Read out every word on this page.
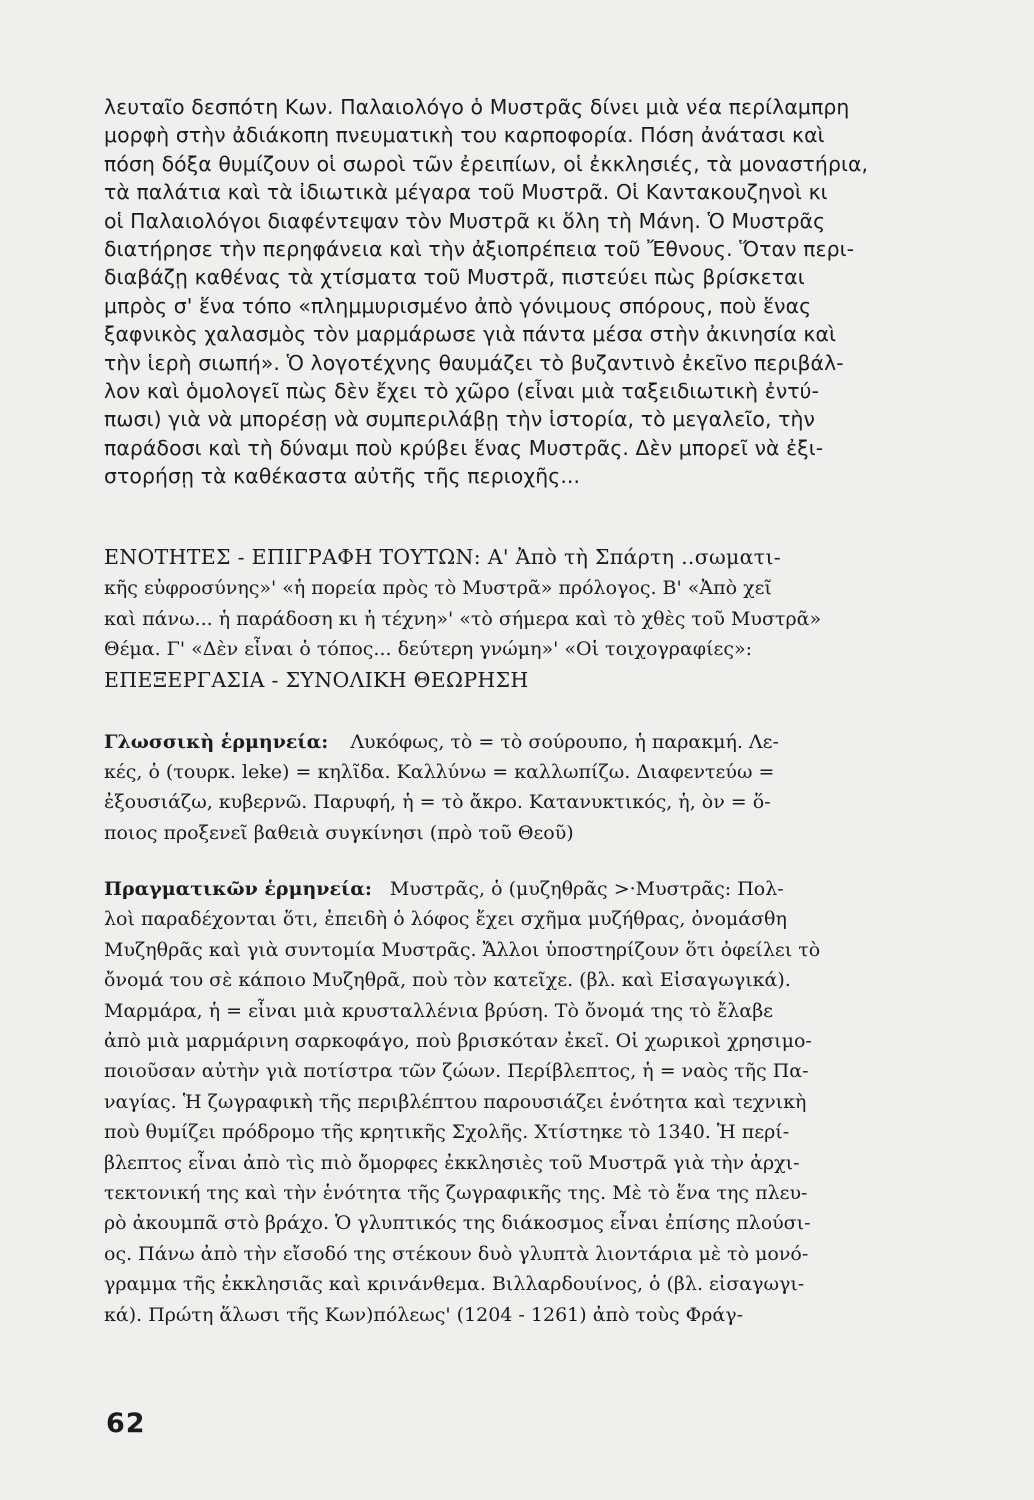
λευταῖο δεσπότη Κων. Παλαιολόγο ὁ Μυστρᾶς δίνει μιὰ νέα περίλαμπρη
μορφὴ στὴν ἀδιάκοπη πνευματικὴ του καρποφορία. Πόση ἀνάτασι καὶ
πόση δόξα θυμίζουν οἱ σωροὶ τῶν ἐρειπίων, οἱ ἐκκλησιές, τὰ μοναστήρια,
τὰ παλάτια καὶ τὰ ἰδιωτικὰ μέγαρα τοῦ Μυστρᾶ. Οἱ Καντακουζηνοὶ κι
οἱ Παλαιολόγοι διαφέντεψαν τὸν Μυστρᾶ κι ὅλη τὴ Μάνη. Ὁ Μυστρᾶς
διατήρησε τὴν περηφάνεια καὶ τὴν ἀξιοπρέπεια τοῦ Ἔθνους. Ὅταν περι-
διαβάζῃ καθένας τὰ χτίσματα τοῦ Μυστρᾶ, πιστεύει πὼς βρίσκεται
μπρὸς σ' ἕνα τόπο «πλημμυρισμένο ἀπὸ γόνιμους σπόρους, ποὺ ἕνας
ξαφνικὸς χαλασμὸς τὸν μαρμάρωσε γιὰ πάντα μέσα στὴν ἀκινησία καὶ
τὴν ἱερὴ σιωπή». Ὁ λογοτέχνης θαυμάζει τὸ βυζαντινὸ ἐκεῖνο περιβάλ-
λον καὶ ὁμολογεῖ πὼς δὲν ἔχει τὸ χῶρο (εἶναι μιὰ ταξειδιωτικὴ ἐντύ-
πωσι) γιὰ νὰ μπορέσῃ νὰ συμπεριλάβῃ τὴν ἱστορία, τὸ μεγαλεῖο, τὴν
παράδοσι καὶ τὴ δύναμι ποὺ κρύβει ἕνας Μυστρᾶς. Δὲν μπορεῖ νὰ ἐξι-
στορήσῃ τὰ καθέκαστα αὐτῆς τῆς περιοχῆς...
ΕΝΟΤΗΤΕΣ - ΕΠΙΓΡΑΦΗ ΤΟΥΤΩΝ: Α' Ἀπὸ τὴ Σπάρτη ..σωματι-
κῆς εὐφροσύνης»' «ἡ πορεία πρὸς τὸ Μυστρᾶ» πρόλογος. Β' «Ἀπὸ χεῖ
καὶ πάνω... ἡ παράδοση κι ἡ τέχνη»' «τὸ σήμερα καὶ τὸ χθὲς τοῦ Μυστρᾶ»
Θέμα. Γ' «Δὲν εἶναι ὁ τόπος... δεύτερη γνώμη»' «Οἱ τοιχογραφίες»:
ΕΠΕΞΕΡΓΑΣΙΑ - ΣΥΝΟΛΙΚΗ ΘΕΩΡΗΣΗ
Γλωσσικὴ ἑρμηνεία: Λυκόφως, τὸ = τὸ σούρουπο, ἡ παρακμή. Λε-
κές, ὁ (τουρκ. leke) = κηλῖδα. Καλλύνω = καλλωπίζω. Διαφεντεύω =
ἐξουσιάζω, κυβερνῶ. Παρυφή, ἡ = τὸ ἄκρο. Κατανυκτικός, ἡ, ὸν = ὅ-
ποιος προξενεῖ βαθειὰ συγκίνησι (πρὸ τοῦ Θεοῦ)
Πραγματικῶν ἑρμηνεία: Μυστρᾶς, ὁ (μυζηθρᾶς >·Μυστρᾶς: Πολ-
λοὶ παραδέχονται ὅτι, ἐπειδὴ ὁ λόφος ἔχει σχῆμα μυζήθρας, ὀνομάσθη
Μυζηθρᾶς καὶ γιὰ συντομία Μυστρᾶς. Ἄλλοι ὑποστηρίζουν ὅτι ὀφείλει τὸ
ὄνομά του σὲ κάποιο Μυζηθρᾶ, ποὺ τὸν κατεῖχε. (βλ. καὶ Εἰσαγωγικά).
Μαρμάρα, ἡ = εἶναι μιὰ κρυσταλλένια βρύση. Τὸ ὄνομά της τὸ ἔλαβε
ἀπὸ μιὰ μαρμάρινη σαρκοφάγο, ποὺ βρισκόταν ἐκεῖ. Οἱ χωρικοὶ χρησιμο-
ποιοῦσαν αὐτὴν γιὰ ποτίστρα τῶν ζώων. Περίβλεπτος, ἡ = ναὸς τῆς Πα-
ναγίας. Ἡ ζωγραφικὴ τῆς περιβλέπτου παρουσιάζει ἑνότητα καὶ τεχνικὴ
ποὺ θυμίζει πρόδρομο τῆς κρητικῆς Σχολῆς. Χτίστηκε τὸ 1340. Ἡ περί-
βλεπτος εἶναι ἀπὸ τὶς πιὸ ὄμορφες ἐκκλησιὲς τοῦ Μυστρᾶ γιὰ τὴν ἀρχι-
τεκτονική της καὶ τὴν ἑνότητα τῆς ζωγραφικῆς της. Μὲ τὸ ἕνα της πλευ-
ρὸ ἀκουμπᾶ στὸ βράχο. Ὁ γλυπτικός της διάκοσμος εἶναι ἐπίσης πλούσι-
ος. Πάνω ἀπὸ τὴν εἴσοδό της στέκουν δυὸ γλυπτὰ λιοντάρια μὲ τὸ μονό-
γραμμα τῆς ἐκκλησιᾶς καὶ κρινάνθεμα. Βιλλαρδουίνος, ὁ (βλ. εἰσαγωγι-
κά). Πρώτη ἅλωσι τῆς Κων)πόλεως' (1204 - 1261) ἀπὸ τοὺς Φράγ-
62
